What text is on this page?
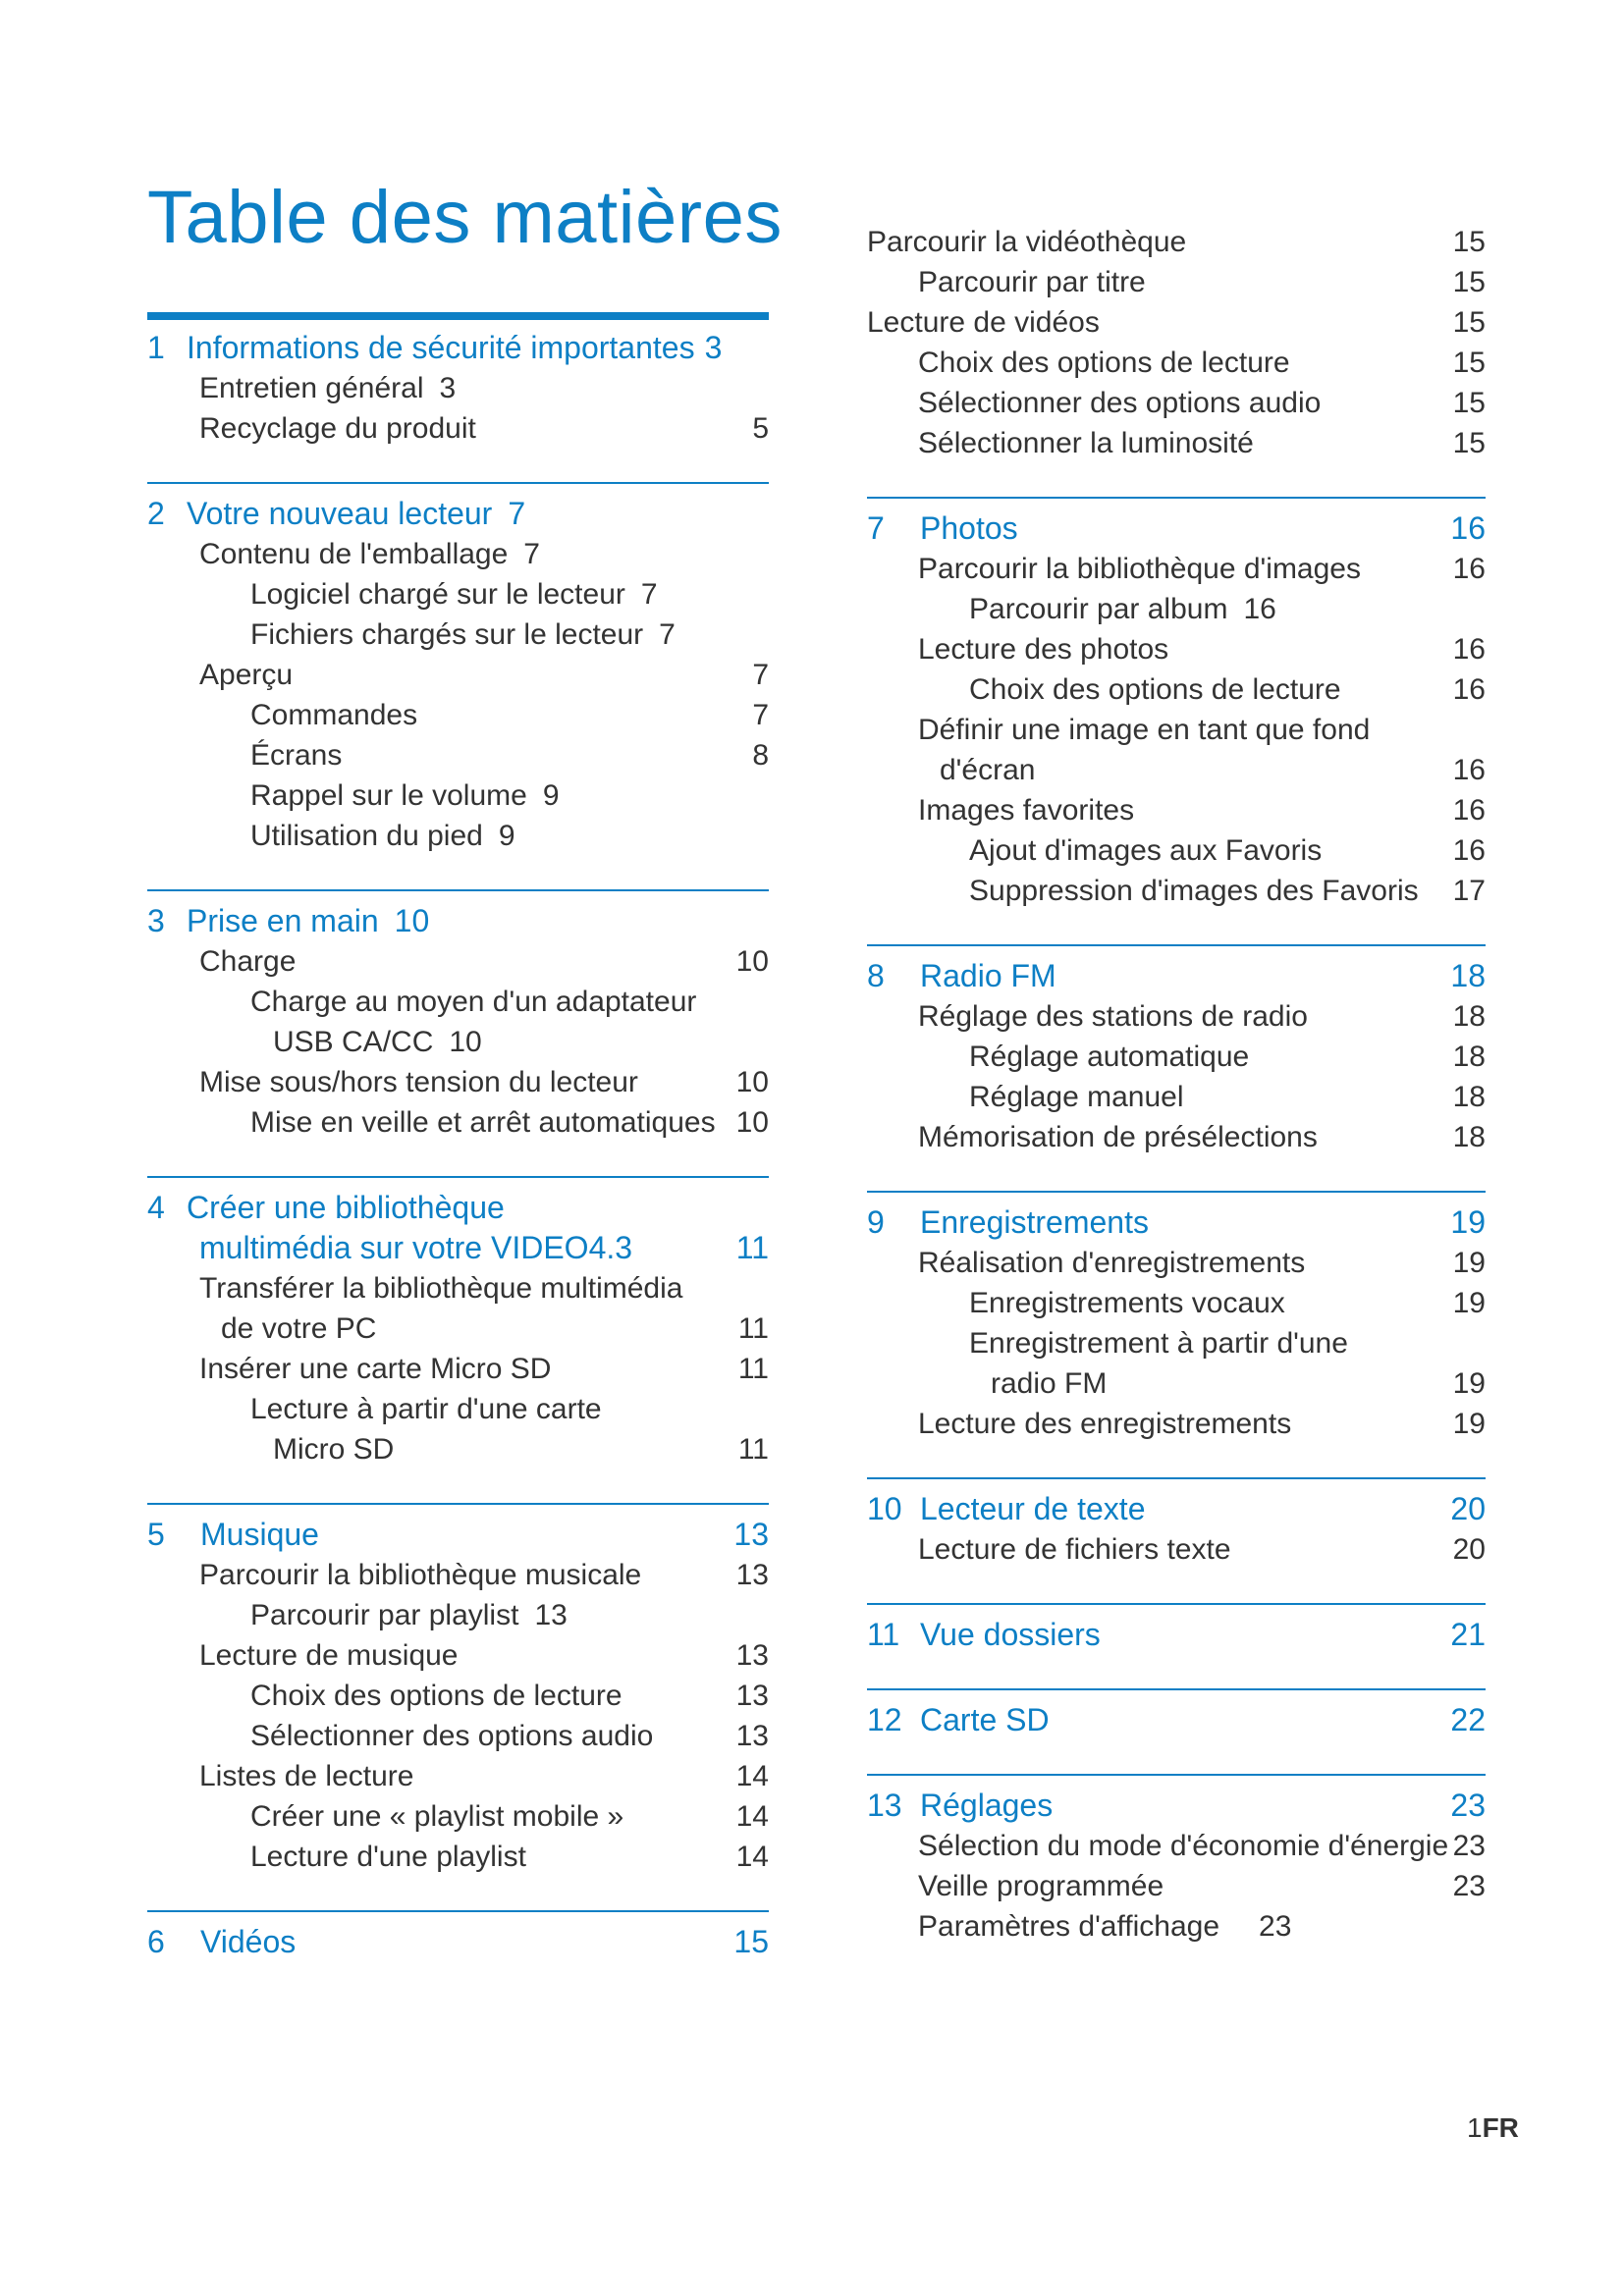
Table des matières
1 Informations de sécurité importantes 3
Entretien général 3
Recyclage du produit	5
2 Votre nouveau lecteur 7
Contenu de l'emballage 7
Logiciel chargé sur le lecteur 7
Fichiers chargés sur le lecteur 7
Aperçu	7
Commandes	7
Écrans	8
Rappel sur le volume 9
Utilisation du pied 9
3 Prise en main 10
Charge	10
Charge au moyen d'un adaptateur
USB CA/CC 10
Mise sous/hors tension du lecteur	10
Mise en veille et arrêt automatiques 10
4 Créer une bibliothèque
multimédia sur votre VIDEO4.3	11
Transférer la bibliothèque multimédia
de votre PC	11
Insérer une carte Micro SD	11
Lecture à partir d'une carte
Micro SD	11
5	Musique	13
Parcourir la bibliothèque musicale	13
Parcourir par playlist 13
Lecture de musique	13
Choix des options de lecture	13
Sélectionner des options audio	13
Listes de lecture	14
Créer une « playlist mobile »	14
Lecture d'une playlist	14
6	Vidéos	15
Parcourir la vidéothèque	15
Parcourir par titre	15
Lecture de vidéos	15
Choix des options de lecture	15
Sélectionner des options audio	15
Sélectionner la luminosité	15
7	Photos	16
Parcourir la bibliothèque d'images	16
Parcourir par album 16
Lecture des photos	16
Choix des options de lecture	16
Définir une image en tant que fond
d'écran	16
Images favorites	16
Ajout d'images aux Favoris	16
Suppression d'images des Favoris	17
8	Radio FM	18
Réglage des stations de radio	18
Réglage automatique	18
Réglage manuel	18
Mémorisation de présélections	18
9	Enregistrements	19
Réalisation d'enregistrements	19
Enregistrements vocaux	19
Enregistrement à partir d'une
radio FM	19
Lecture des enregistrements	19
10 Lecteur de texte	20
Lecture de fichiers texte	20
11 Vue dossiers	21
12 Carte SD	22
13 Réglages	23
Sélection du mode d'économie d'énergie 23
Veille programmée	23
Paramètres d'affichage 23
1FR
